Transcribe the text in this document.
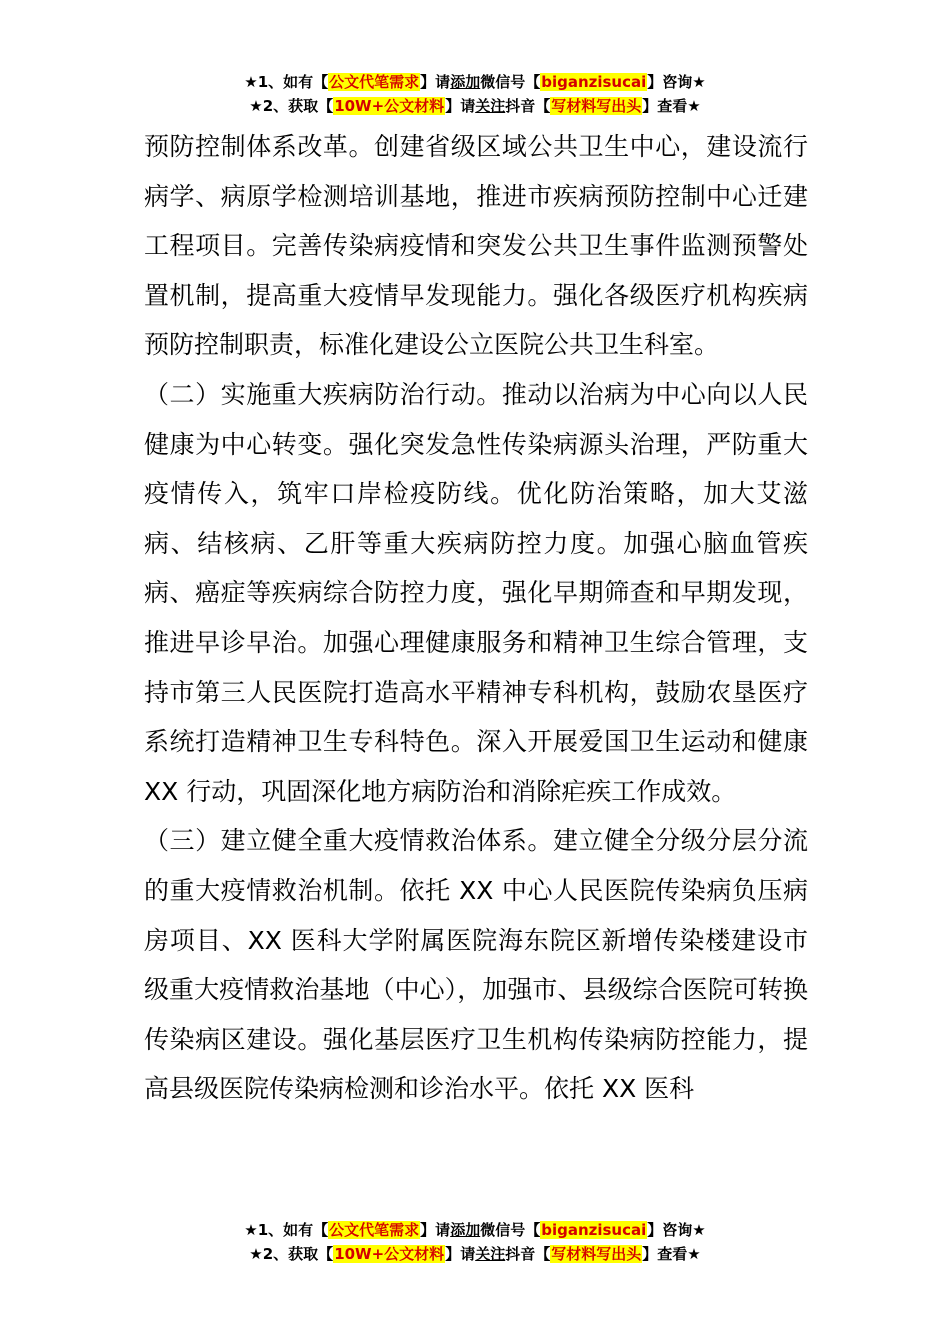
★1、如有【公文代笔需求】请添加微信号【biganzisucai】咨询★
★2、获取【10W+公文材料】请关注抖音【写材料写出头】查看★

预防控制体系改革。创建省级区域公共卫生中心，建设流行病学、病原学检测培训基地，推进市疾病预防控制中心迁建工程项目。完善传染病疫情和突发公共卫生事件监测预警处置机制，提高重大疫情早发现能力。强化各级医疗机构疾病预防控制职责，标准化建设公立医院公共卫生科室。

（二）实施重大疾病防治行动。推动以治病为中心向以人民健康为中心转变。强化突发急性传染病源头治理，严防重大疫情传入，筑牢口岸检疫防线。优化防治策略，加大艾滋病、结核病、乙肝等重大疾病防控力度。加强心脑血管疾病、癌症等疾病综合防控力度，强化早期筛查和早期发现，推进早诊早治。加强心理健康服务和精神卫生综合管理，支持市第三人民医院打造高水平精神专科机构，鼓励农垦医疗系统打造精神卫生专科特色。深入开展爱国卫生运动和健康 XX 行动，巩固深化地方病防治和消除疟疾工作成效。

（三）建立健全重大疫情救治体系。建立健全分级分层分流的重大疫情救治机制。依托 XX 中心人民医院传染病负压病房项目、XX 医科大学附属医院海东院区新增传染楼建设市级重大疫情救治基地（中心），加强市、县级综合医院可转换传染病区建设。强化基层医疗卫生机构传染病防控能力，提高县级医院传染病检测和诊治水平。依托 XX 医科

★1、如有【公文代笔需求】请添加微信号【biganzisucai】咨询★
★2、获取【10W+公文材料】请关注抖音【写材料写出头】查看★
